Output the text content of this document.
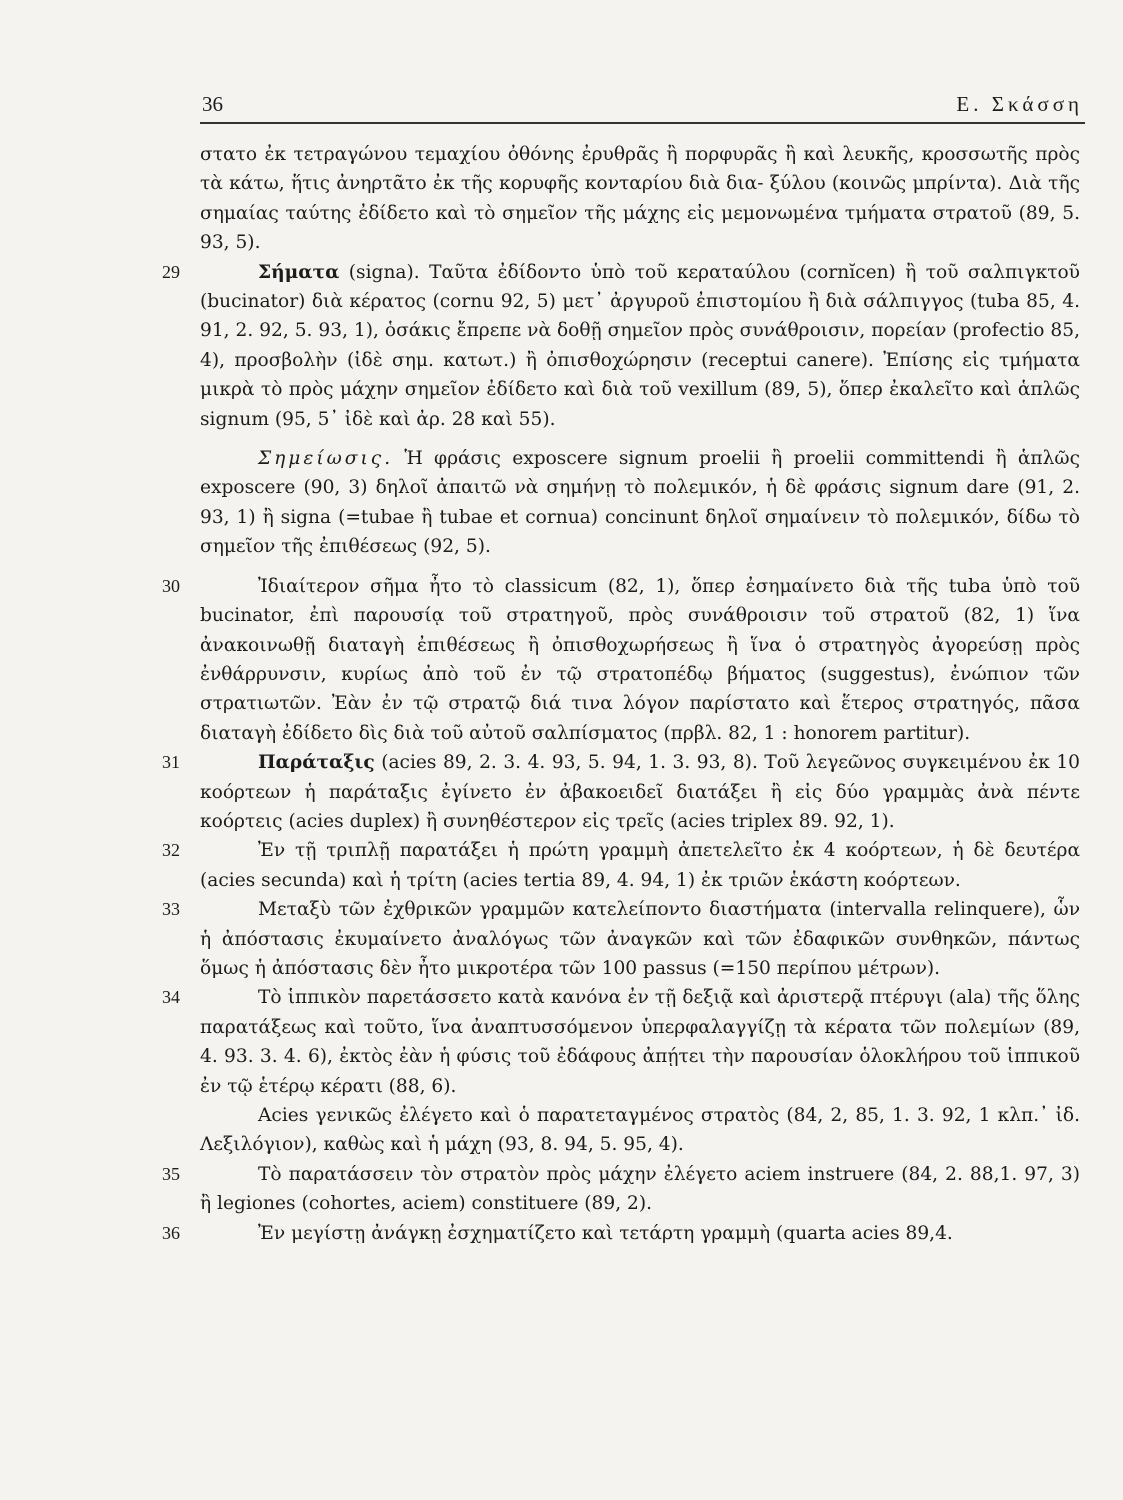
36	Ε. Σκάσση
στατο ἐκ τετραγώνου τεμαχίου ὀθόνης ἐρυθρᾶς ἢ πορφυρᾶς ἢ καὶ λευκῆς, κροσσωτῆς πρὸς τὰ κάτω, ἥτις ἀνηρτᾶτο ἐκ τῆς κορυφῆς κονταρίου διὰ δια- ξύλου (κοινῶς μπρίντα). Διὰ τῆς σημαίας ταύτης ἐδίδετο καὶ τὸ σημεῖον τῆς μάχης εἰς μεμονωμένα τμήματα στρατοῦ (89, 5. 93, 5).
29	Σήματα (signa). Ταῦτα ἐδίδοντο ὑπὸ τοῦ κεραταύλου (cornĭcen) ἢ τοῦ σαλπιγκτοῦ (bucinator) διὰ κέρατος (cornu 92, 5) μετ᾽ ἀργυροῦ ἐπιστομίου ἢ διὰ σάλπιγγος (tuba 85, 4. 91, 2. 92, 5. 93, 1), ὁσάκις ἔπρεπε νὰ δοθῇ σημεῖον πρὸς συνάθροισιν, πορείαν (profectio 85, 4), προσβολὴν (ἰδὲ σημ. κατωτ.) ἢ ὀπισθοχώρησιν (receptui canere). Ἐπίσης εἰς τμήματα μικρὰ τὸ πρὸς μάχην σημεῖον ἐδίδετο καὶ διὰ τοῦ vexillum (89, 5), ὅπερ ἐκαλεῖτο καὶ ἁπλῶς signum (95, 5᾽ ἰδὲ καὶ ἀρ. 28 καὶ 55).
Σημείωσις. Ἡ φράσις exposcere signum proelii ἢ proelii committendi ἢ ἁπλῶς exposcere (90, 3) δηλοῖ ἀπαιτῶ νὰ σημήνῃ τὸ πολεμικόν, ἡ δὲ φράσις signum dare (91, 2. 93, 1) ἢ signa (=tubae ἢ tubae et cornua) concinunt δηλοῖ σημαίνειν τὸ πολεμικόν, δίδω τὸ σημεῖον τῆς ἐπιθέσεως (92, 5).
30	Ἰδιαίτερον σῆμα ἦτο τὸ classicum (82, 1), ὅπερ ἐσημαίνετο διὰ τῆς tuba ὑπὸ τοῦ bucinator, ἐπὶ παρουσίᾳ τοῦ στρατηγοῦ, πρὸς συνάθροισιν τοῦ στρατοῦ (82, 1) ἵνα ἀνακοινωθῇ διαταγὴ ἐπιθέσεως ἢ ὀπισθοχωρήσεως ἢ ἵνα ὁ στρατηγὸς ἀγορεύσῃ πρὸς ἐνθάρρυνσιν, κυρίως ἀπὸ τοῦ ἐν τῷ στρατοπέδῳ βήματος (suggestus), ἐνώπιον τῶν στρατιωτῶν. Ἐὰν ἐν τῷ στρατῷ διά τινα λόγον παρίστατο καὶ ἕτερος στρατηγός, πᾶσα διαταγὴ ἐδίδετο δὶς διὰ τοῦ αὐτοῦ σαλπίσματος (πρβλ. 82, 1 : honorem partitur).
31	Παράταξις (acies 89, 2. 3. 4. 93, 5. 94, 1. 3. 93, 8). Τοῦ λεγεῶνος συγκειμένου ἐκ 10 κοόρτεων ἡ παράταξις ἐγίνετο ἐν ἀβακοειδεῖ διατάξει ἢ εἰς δύο γραμμὰς ἀνὰ πέντε κοόρτεις (acies duplex) ἢ συνηθέστερον εἰς τρεῖς (acies triplex 89. 92, 1).
32	Ἐν τῇ τριπλῇ παρατάξει ἡ πρώτη γραμμὴ ἀπετελεῖτο ἐκ 4 κοόρτεων, ἡ δὲ δευτέρα (acies secunda) καὶ ἡ τρίτη (acies tertia 89, 4. 94, 1) ἐκ τριῶν ἑκάστη κοόρτεων.
33	Μεταξὺ τῶν ἐχθρικῶν γραμμῶν κατελείποντο διαστήματα (intervalla relinquere), ὧν ἡ ἀπόστασις ἐκυμαίνετο ἀναλόγως τῶν ἀναγκῶν καὶ τῶν ἐδαφικῶν συνθηκῶν, πάντως ὅμως ἡ ἀπόστασις δὲν ἦτο μικροτέρα τῶν 100 passus (=150 περίπου μέτρων).
34	Τὸ ἱππικὸν παρετάσσετο κατὰ κανόνα ἐν τῇ δεξιᾷ καὶ ἀριστερᾷ πτέρυγι (ala) τῆς ὅλης παρατάξεως καὶ τοῦτο, ἵνα ἀναπτυσσόμενον ὑπερφαλαγγίζῃ τὰ κέρατα τῶν πολεμίων (89, 4. 93. 3. 4. 6), ἐκτὸς ἐὰν ἡ φύσις τοῦ ἐδάφους ἀπῄτει τὴν παρουσίαν ὁλοκλήρου τοῦ ἱππικοῦ ἐν τῷ ἑτέρῳ κέρατι (88, 6).
Acies γενικῶς ἐλέγετο καὶ ὁ παρατεταγμένος στρατὸς (84, 2, 85, 1. 3. 92, 1 κλπ.᾽ ἰδ. Λεξιλόγιον), καθὼς καὶ ἡ μάχη (93, 8. 94, 5. 95, 4).
35	Τὸ παρατάσσειν τὸν στρατὸν πρὸς μάχην ἐλέγετο aciem instruere (84, 2. 88,1. 97, 3) ἢ legiones (cohortes, aciem) constituere (89, 2).
36	Ἐν μεγίστῃ ἀνάγκῃ ἐσχηματίζετο καὶ τετάρτη γραμμὴ (quarta acies 89,4.
